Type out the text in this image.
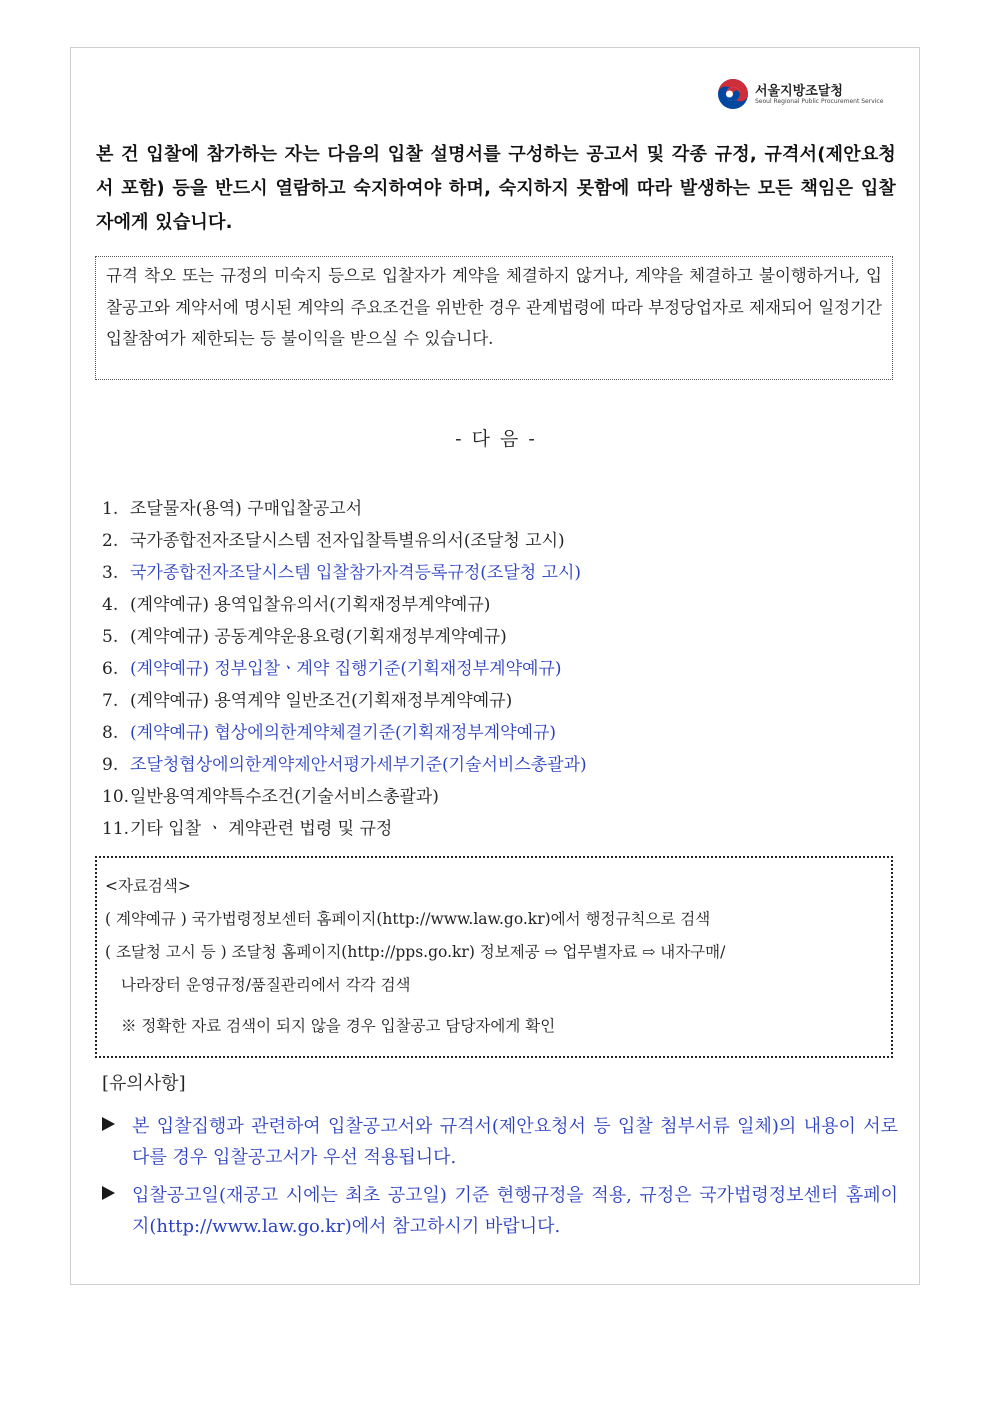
서울지방조달청
Seoul Regional Public Procurement Service
본 건 입찰에 참가하는 자는 다음의 입찰 설명서를 구성하는 공고서 및 각종 규정, 규격서(제안요청서 포함) 등을 반드시 열람하고 숙지하여야 하며, 숙지하지 못함에 따라 발생하는 모든 책임은 입찰자에게 있습니다.
규격 착오 또는 규정의 미숙지 등으로 입찰자가 계약을 체결하지 않거나, 계약을 체결하고 불이행하거나, 입찰공고와 계약서에 명시된 계약의 주요조건을 위반한 경우 관계법령에 따라 부정당업자로 제재되어 일정기간 입찰참여가 제한되는 등 불이익을 받으실 수 있습니다.
- 다 음 -
1. 조달물자(용역) 구매입찰공고서
2. 국가종합전자조달시스템 전자입찰특별유의서(조달청 고시)
3. 국가종합전자조달시스템 입찰참가자격등록규정(조달청 고시)
4. (계약예규) 용역입찰유의서(기획재정부계약예규)
5. (계약예규) 공동계약운용요령(기획재정부계약예규)
6. (계약예규) 정부입찰ㆍ계약 집행기준(기획재정부계약예규)
7. (계약예규) 용역계약 일반조건(기획재정부계약예규)
8. (계약예규) 협상에의한계약체결기준(기획재정부계약예규)
9. 조달청협상에의한계약제안서평가세부기준(기술서비스총괄과)
10.일반용역계약특수조건(기술서비스총괄과)
11.기타 입찰 ㆍ 계약관련 법령 및 규정
<자료검색>
( 계약예규 ) 국가법령정보센터 홈페이지(http://www.law.go.kr)에서 행정규칙으로 검색
( 조달청 고시 등 ) 조달청 홈페이지(http://pps.go.kr) 정보제공 ⇨ 업무별자료 ⇨ 내자구매/
나라장터 운영규정/품질관리에서 각각 검색
※ 정확한 자료 검색이 되지 않을 경우 입찰공고 담당자에게 확인
[유의사항]
본 입찰집행과 관련하여 입찰공고서와 규격서(제안요청서 등 입찰 첨부서류 일체)의 내용이 서로 다를 경우 입찰공고서가 우선 적용됩니다.
입찰공고일(재공고 시에는 최초 공고일) 기준 현행규정을 적용, 규정은 국가법령정보센터 홈페이지(http://www.law.go.kr)에서 참고하시기 바랍니다.
